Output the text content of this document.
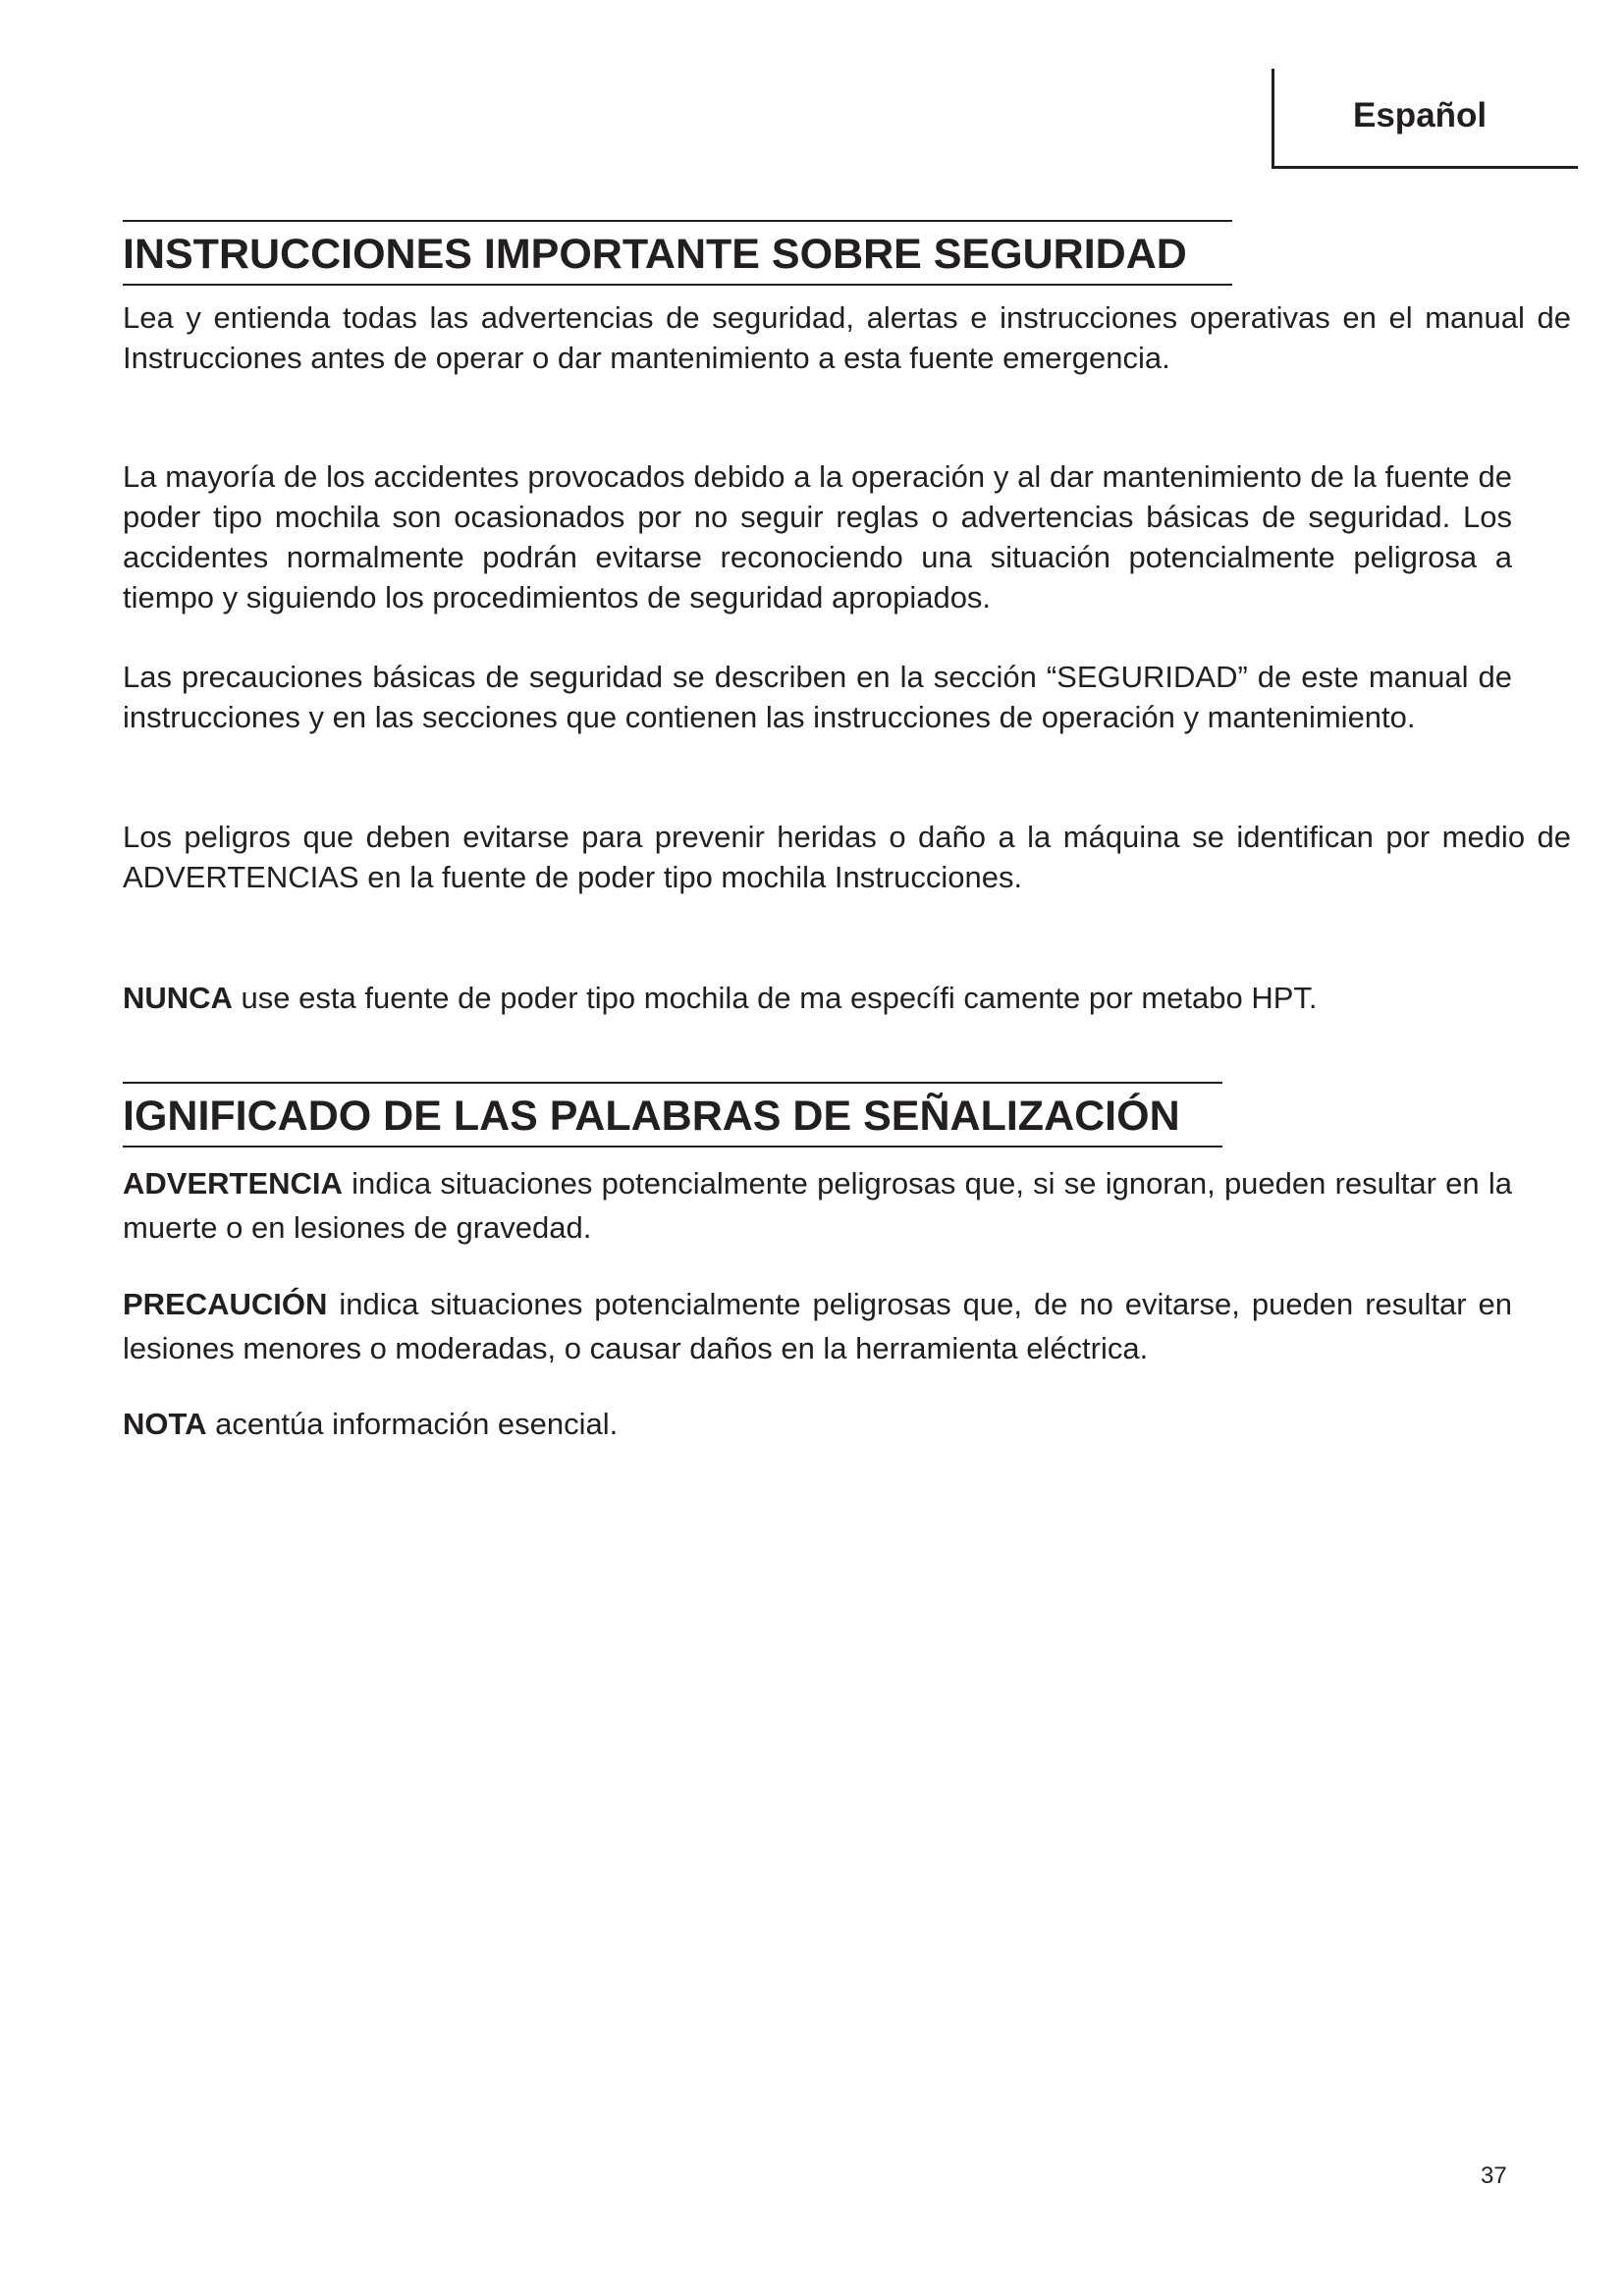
Español
INSTRUCCIONES IMPORTANTE SOBRE SEGURIDAD

Lea y entienda todas las advertencias de seguridad, alertas e instrucciones operativas en el manual de Instrucciones antes de operar o dar mantenimiento a esta fuente emergencia.

La mayoría de los accidentes provocados debido a la operación y al dar mantenimiento de la fuente de poder tipo mochila son ocasionados por no seguir reglas o advertencias básicas de seguridad. Los accidentes normalmente podrán evitarse reconociendo una situación potencialmente peligrosa a tiempo y siguiendo los procedimientos de seguridad apropiados.

Las precauciones básicas de seguridad se describen en la sección “SEGURIDAD” de este manual de instrucciones y en las secciones que contienen las instrucciones de operación y mantenimiento.

Los peligros que deben evitarse para prevenir heridas o daño a la máquina se identifican por medio de ADVERTENCIAS en la fuente de poder tipo mochila Instrucciones.

NUNCA use esta fuente de poder tipo mochila de ma específi camente por metabo HPT.

IGNIFICADO DE LAS PALABRAS DE SEÑALIZACIÓN

ADVERTENCIA indica situaciones potencialmente peligrosas que, si se ignoran, pueden resultar en la muerte o en lesiones de gravedad.

PRECAUCIÓN indica situaciones potencialmente peligrosas que, de no evitarse, pueden resultar en lesiones menores o moderadas, o causar daños en la herramienta eléctrica.

NOTA acentúa información esencial.

37
